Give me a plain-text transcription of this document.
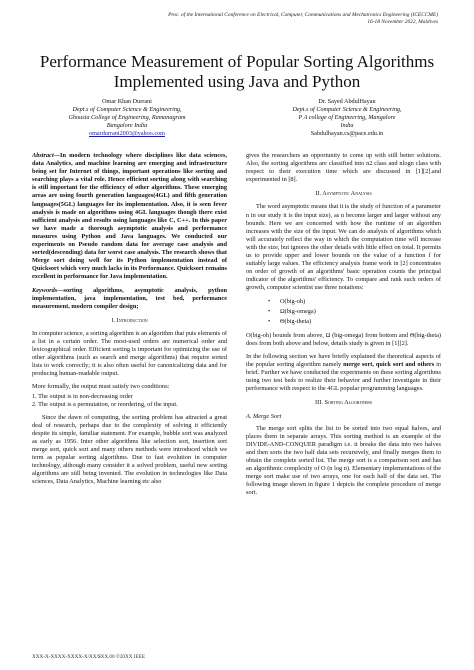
Proc. of the International Conference on Electrical, Computer, Communications and Mechatronics Engineering (ICECCME)
16-18 November 2022, Maldives
Performance Measurement of Popular Sorting Algorithms Implemented using Java and Python
Omar Khan Durrani
Dept.s of Computer Science & Engineering,
Ghousia College of Engineering, Ramanagram
Bangalore India
omardurrani2003@yahoo.com
Dr. Sayed AbdulHayan
Dept.s of Computer Science & Engineering,
P A college of Engineering, Mangalore
India
Sabdulhayan.cs@pace.edu.in

Abstract—In modern technology where disciplines like data sciences, data Analytics, and machine learning are emerging and infrastructure being set for Internet of things, important operations like sorting and searching plays a vital role. Hence efficient sorting along with searching is still important for the efficiency of other algorithms. These emerging areas are using fourth generation languages(4GL) and fifth generation languages(5GL) languages for its implementation. Also, it is seen fever analysis is made on algorithms using 4GL languages though there exist sufficient analysis and results using languages like C, C++. In this paper we have made a thorough asymptotic analysis and performance measures using Python and Java languages. We conducted our experiments on Pseudo random data for average case analysis and sorted(descending) data for worst case analysis. The research shows that Merge sort doing well for its Python implementation instead of Quicksort which very much lacks in its Performance. Quicksort remains excellent in performance for Java implementation.

Keywords—sorting algorithms, asymptotic analysis, python implementation, java implementation, test bed, performance measurement, modern compiler design;

I. Introduction

In computer science, a sorting algorithm is an algorithm that puts elements of a list in a certain order. The most-used orders are numerical order and lexicographical order. Efficient sorting is important for optimizing the use of other algorithms (such as search and merge algorithms) that require sorted lists to work correctly; it is also often useful for canonicalizing data and for producing human-readable output.

More formally, the output must satisfy two conditions:

1. The output is in non-decreasing order

2. The output is a permutation, or reordering, of the input.

Since the dawn of computing, the sorting problem has attracted a great deal of research, perhaps due to the complexity of solving it efficiently despite its simple, familiar statement. For example, bubble sort was analyzed as early as 1956. Inter other algorithms like selection sort, insertion sort merge sort, quick sort and many others methods were introduced which we term as popular sorting algorithms. Due to fast evolution in computer technology, although many consider it a solved problem, useful new sorting algorithms are still being invented. The evolution in technologies like Data sciences, Data Analytics, Machine learning etc also

gives the researchers an opportunity to come up with still better solutions. Also, the sorting algorithms are classified into n2 class and nlogn class with respect to their execution time which are discussed in [1][2].and experimented in [8].

II. Asymptotic Analysis

The word asymptotic means that it is the study of function of a parameter n in our study it is the input size), as n become larger and larger without any bounds. Here we are concerned with how the runtime of an algorithm increases with the size of the input. We can do analysis of algorithms which will accurately reflect the way in which the computation time will increase with the size, but ignores the other details with little effect on total. It permits us to provide upper and lower bounds on the value of a function f for suitably large values. The efficiency analysis frame work in [2] concentrates on order of growth of an algorithms' basic operation counts the principal indicator of the algorithms' efficiency. To compare and rank such orders of growth, computer scientist use three notations:

• O(big-oh)
• Ω(big-omega)
• Θ(big-theta)

O(big-oh) bounds from above, Ω (big-omega) from bottom and Θ(big-theta) does from both above and below, details study is given in [1][2].

In the following section we have briefly explained the theoretical aspects of the popular sorting algorithm namely merge sort, quick sort and others in brief. Further we have conducted the experiments on these sorting algorithms using two test beds to realize their behavior and further investigate in their performance with respect to the 4GL popular programming languages.

III. Sorting Algorithms
A. Merge Sort

The merge sort splits the list to be sorted into two equal halves, and places them in separate arrays. This sorting method is an example of the DIVIDE-AND-CONQUER paradigm i.e. it breaks the data into two halves and then sorts the two half data sets recursively, and finally merges them to obtain the complete sorted list. The merge sort is a comparison sort and has an algorithmic complexity of O (n log n). Elementary implementations of the merge sort make use of two arrays, one for each half of the data set. The following image shown in figure 1 depicts the complete procedure of merge sort.

XXX-X-XXXX-XXXX-X/XX/$XX.00 ©20XX IEEE
